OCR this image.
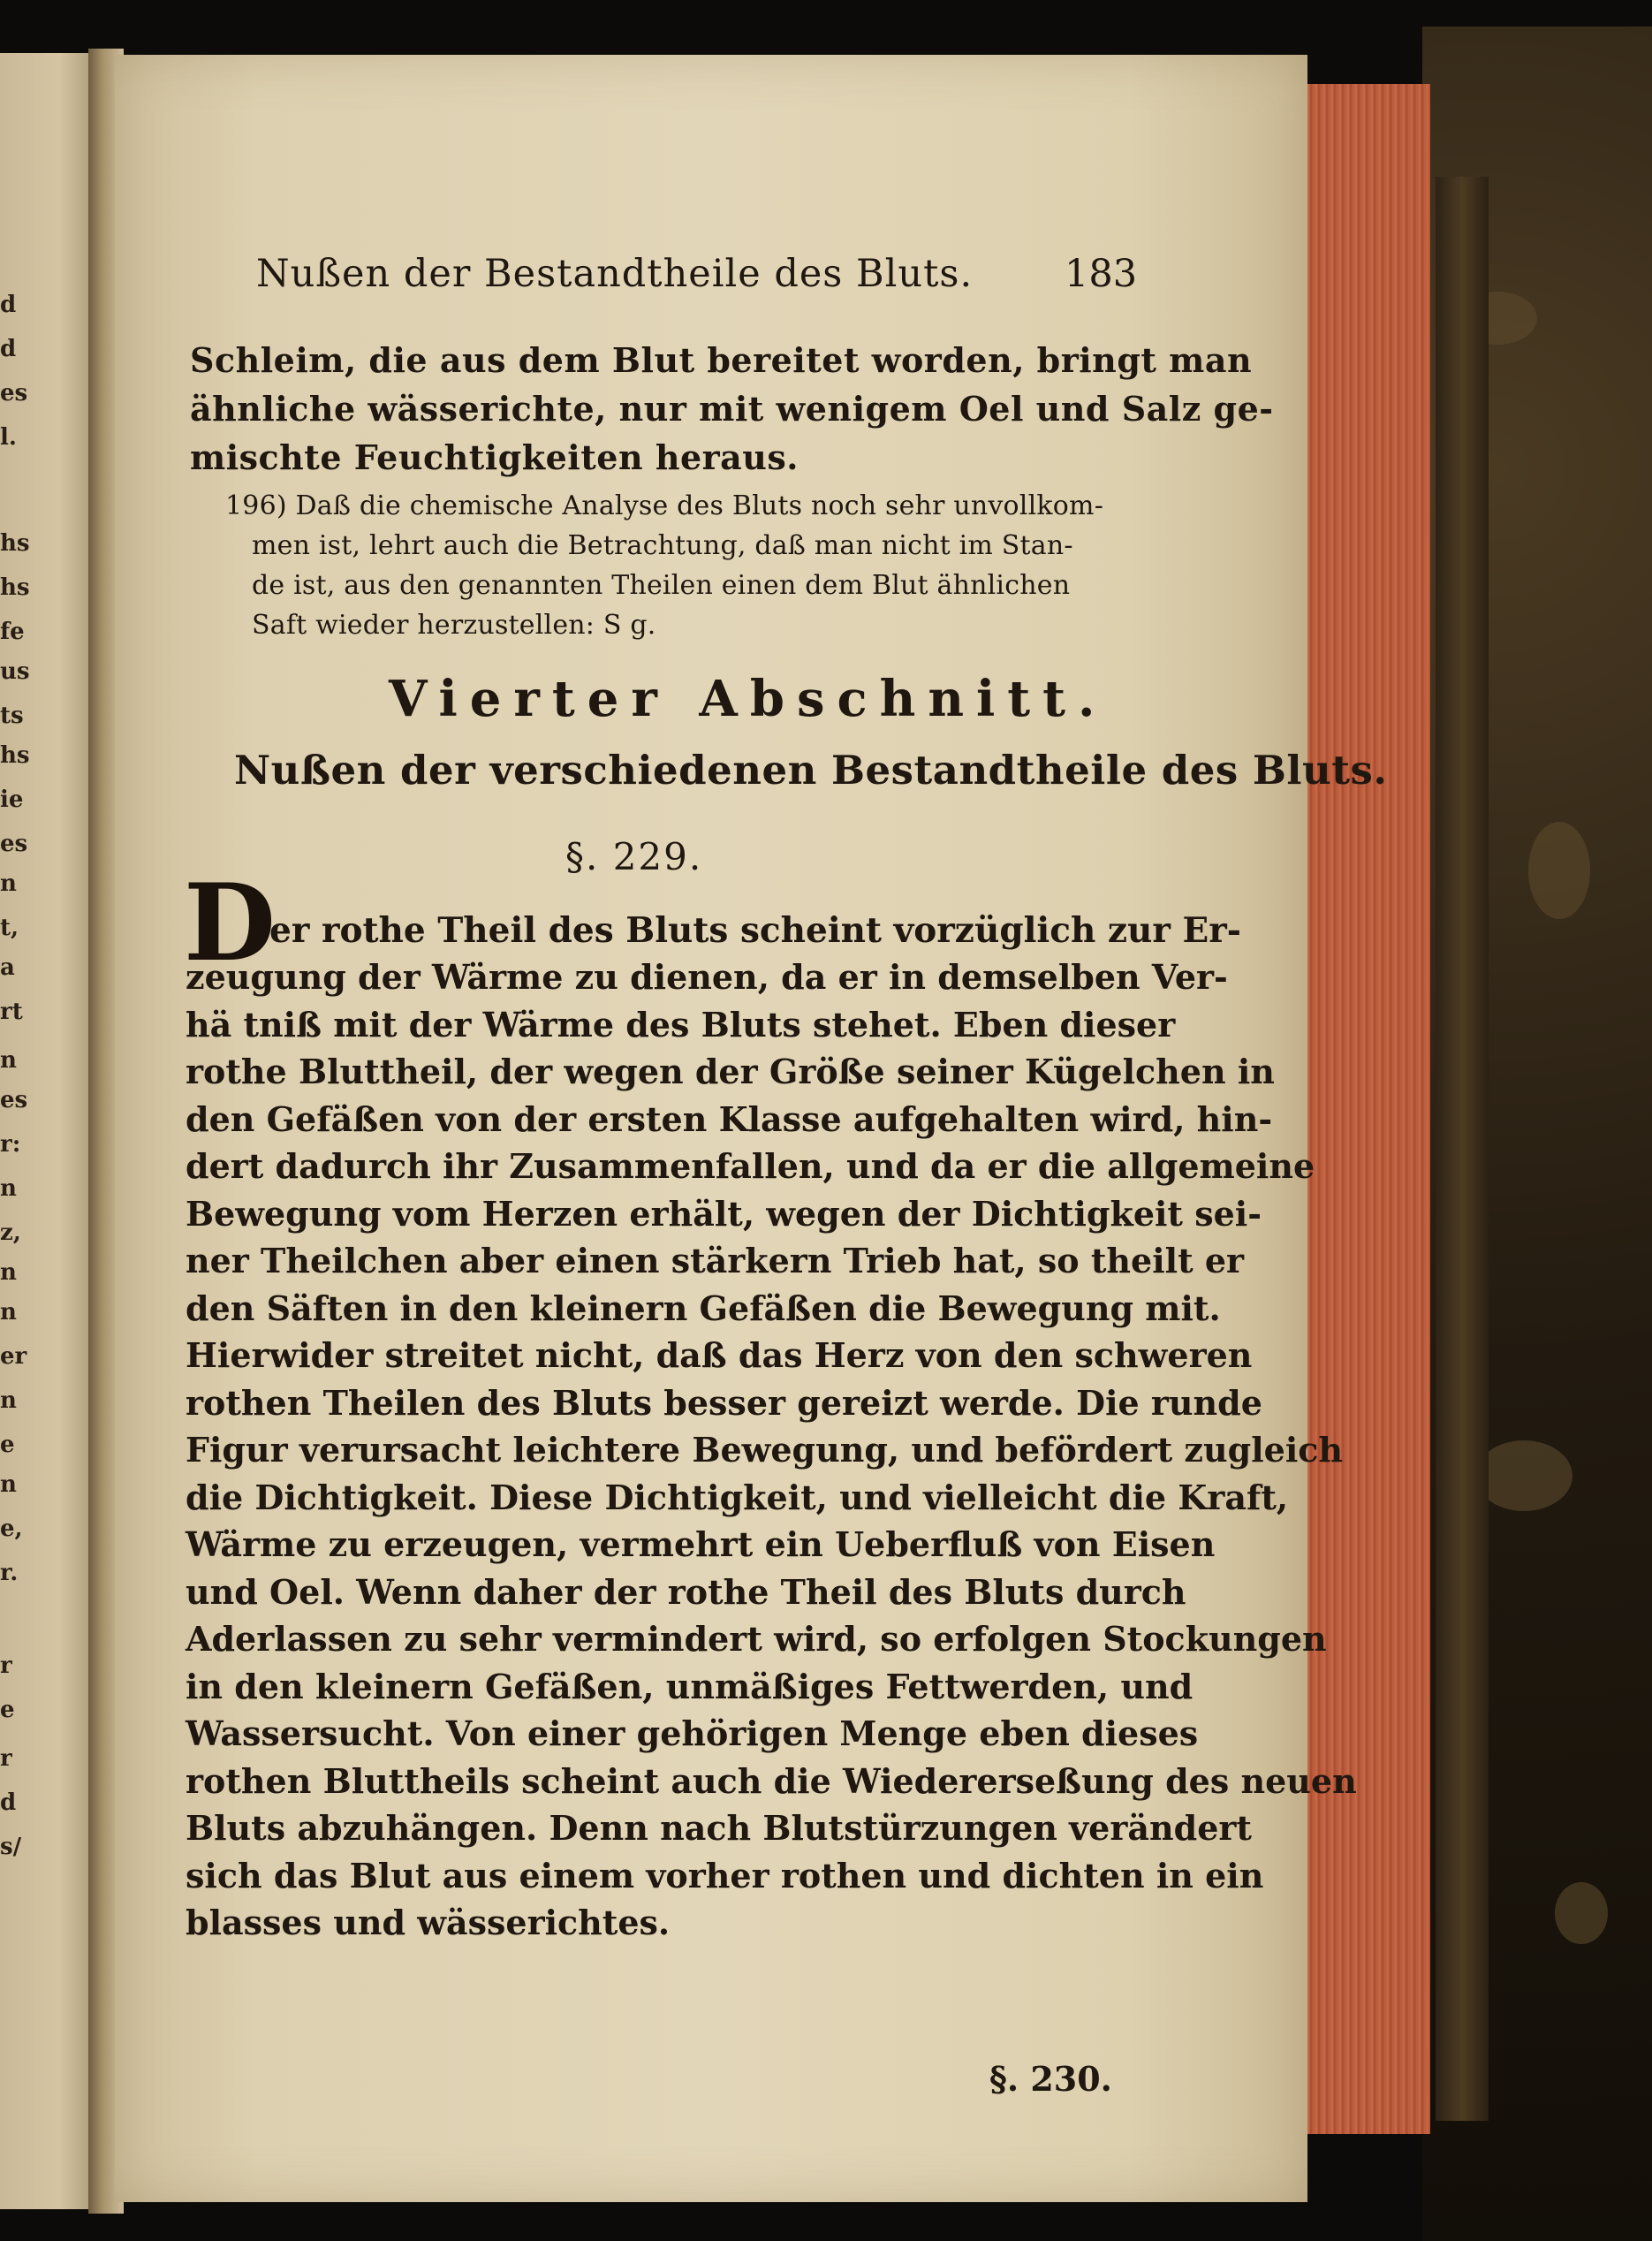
d
d
es
l.
hs
hs
fe
us
ts
hs
ie
es
n
t,
a
rt
n
es
r:
n
z,
n
n
er
n
e
n
e,
r.
r
e
r
d
s/
Nußen der Bestandtheile des Bluts. 183
Schleim, die aus dem Blut bereitet worden, bringt man
ähnliche wässerichte, nur mit wenigem Oel und Salz ge-
mischte Feuchtigkeiten heraus.
196) Daß die chemische Analyse des Bluts noch sehr unvollkom-
men ist, lehrt auch die Betrachtung, daß man nicht im Stan-
de ist, aus den genannten Theilen einen dem Blut ähnlichen
Saft wieder herzustellen: S g.
Vierter Abschnitt.
Nußen der verschiedenen Bestandtheile des Bluts.
§. 229.
D
er rothe Theil des Bluts scheint vorzüglich zur Er-
zeugung der Wärme zu dienen, da er in demselben Ver-
hä tniß mit der Wärme des Bluts stehet. Eben dieser
rothe Bluttheil, der wegen der Größe seiner Kügelchen in
den Gefäßen von der ersten Klasse aufgehalten wird, hin-
dert dadurch ihr Zusammenfallen, und da er die allgemeine
Bewegung vom Herzen erhält, wegen der Dichtigkeit sei-
ner Theilchen aber einen stärkern Trieb hat, so theilt er
den Säften in den kleinern Gefäßen die Bewegung mit.
Hierwider streitet nicht, daß das Herz von den schweren
rothen Theilen des Bluts besser gereizt werde. Die runde
Figur verursacht leichtere Bewegung, und befördert zugleich
die Dichtigkeit. Diese Dichtigkeit, und vielleicht die Kraft,
Wärme zu erzeugen, vermehrt ein Ueberfluß von Eisen
und Oel. Wenn daher der rothe Theil des Bluts durch
Aderlassen zu sehr vermindert wird, so erfolgen Stockungen
in den kleinern Gefäßen, unmäßiges Fettwerden, und
Wassersucht. Von einer gehörigen Menge eben dieses
rothen Bluttheils scheint auch die Wiedererseßung des neuen
Bluts abzuhängen. Denn nach Blutstürzungen verändert
sich das Blut aus einem vorher rothen und dichten in ein
blasses und wässerichtes.
§. 230.
